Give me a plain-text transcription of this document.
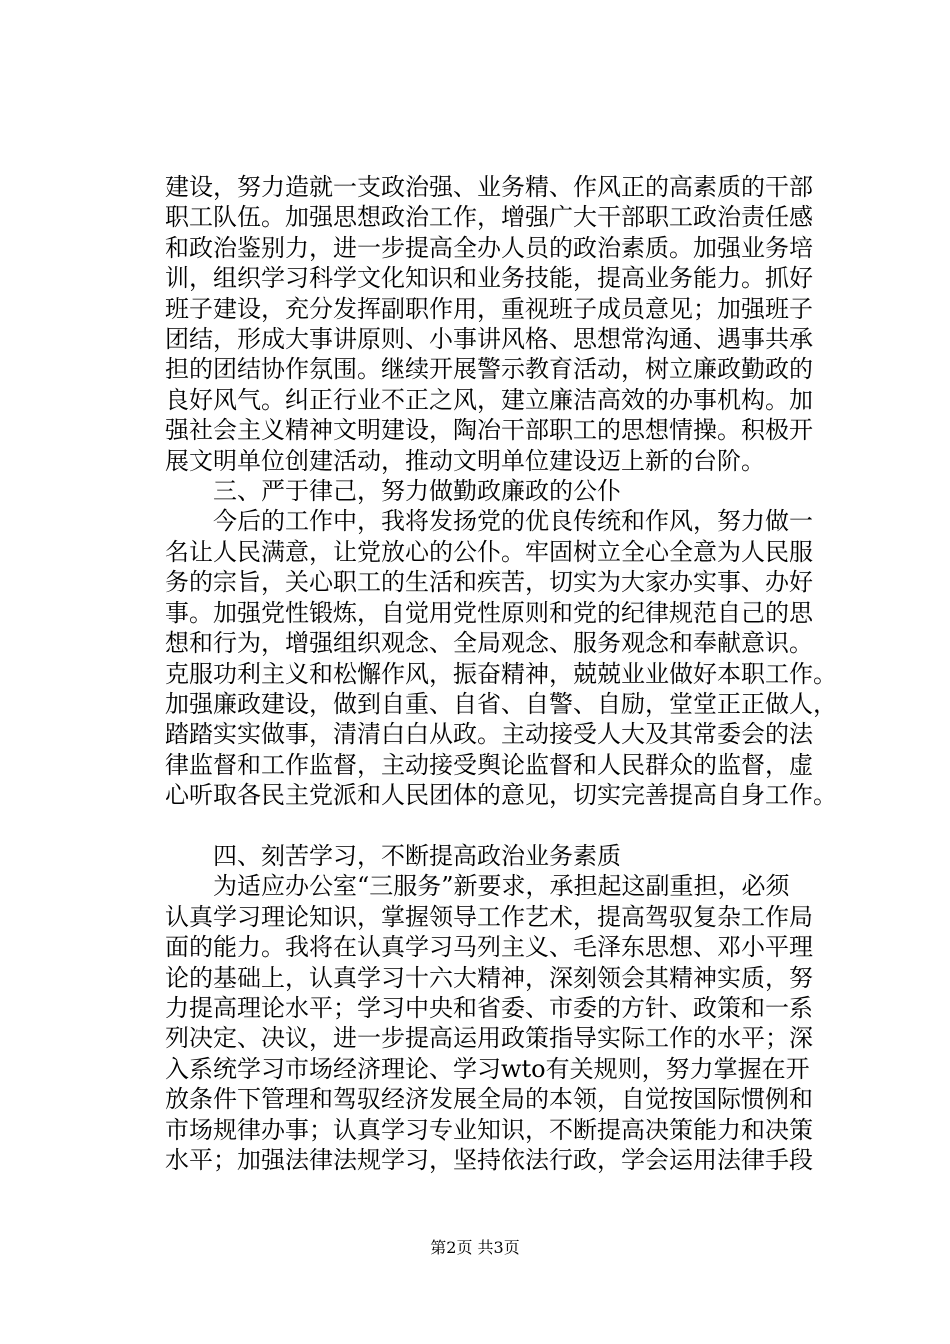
建设，努力造就一支政治强、业务精、作风正的高素质的干部
职工队伍。加强思想政治工作，增强广大干部职工政治责任感
和政治鉴别力，进一步提高全办人员的政治素质。加强业务培
训，组织学习科学文化知识和业务技能，提高业务能力。抓好
班子建设，充分发挥副职作用，重视班子成员意见；加强班子
团结，形成大事讲原则、小事讲风格、思想常沟通、遇事共承
担的团结协作氛围。继续开展警示教育活动，树立廉政勤政的
良好风气。纠正行业不正之风，建立廉洁高效的办事机构。加
强社会主义精神文明建设，陶冶干部职工的思想情操。积极开
展文明单位创建活动，推动文明单位建设迈上新的台阶。
三、严于律己，努力做勤政廉政的公仆
今后的工作中，我将发扬党的优良传统和作风，努力做一
名让人民满意，让党放心的公仆。牢固树立全心全意为人民服
务的宗旨，关心职工的生活和疾苦，切实为大家办实事、办好
事。加强党性锻炼，自觉用党性原则和党的纪律规范自己的思
想和行为，增强组织观念、全局观念、服务观念和奉献意识。
克服功利主义和松懈作风，振奋精神，兢兢业业做好本职工作。
加强廉政建设，做到自重、自省、自警、自励，堂堂正正做人，
踏踏实实做事，清清白白从政。主动接受人大及其常委会的法
律监督和工作监督，主动接受舆论监督和人民群众的监督，虚
心听取各民主党派和人民团体的意见，切实完善提高自身工作。
四、刻苦学习，不断提高政治业务素质
为适应办公室“三服务”新要求，承担起这副重担，必须
认真学习理论知识，掌握领导工作艺术，提高驾驭复杂工作局
面的能力。我将在认真学习马列主义、毛泽东思想、邓小平理
论的基础上，认真学习十六大精神，深刻领会其精神实质，努
力提高理论水平；学习中央和省委、市委的方针、政策和一系
列决定、决议，进一步提高运用政策指导实际工作的水平；深
入系统学习市场经济理论、学习wto有关规则，努力掌握在开
放条件下管理和驾驭经济发展全局的本领，自觉按国际惯例和
市场规律办事；认真学习专业知识，不断提高决策能力和决策
水平；加强法律法规学习，坚持依法行政，学会运用法律手段
第2页 共3页
